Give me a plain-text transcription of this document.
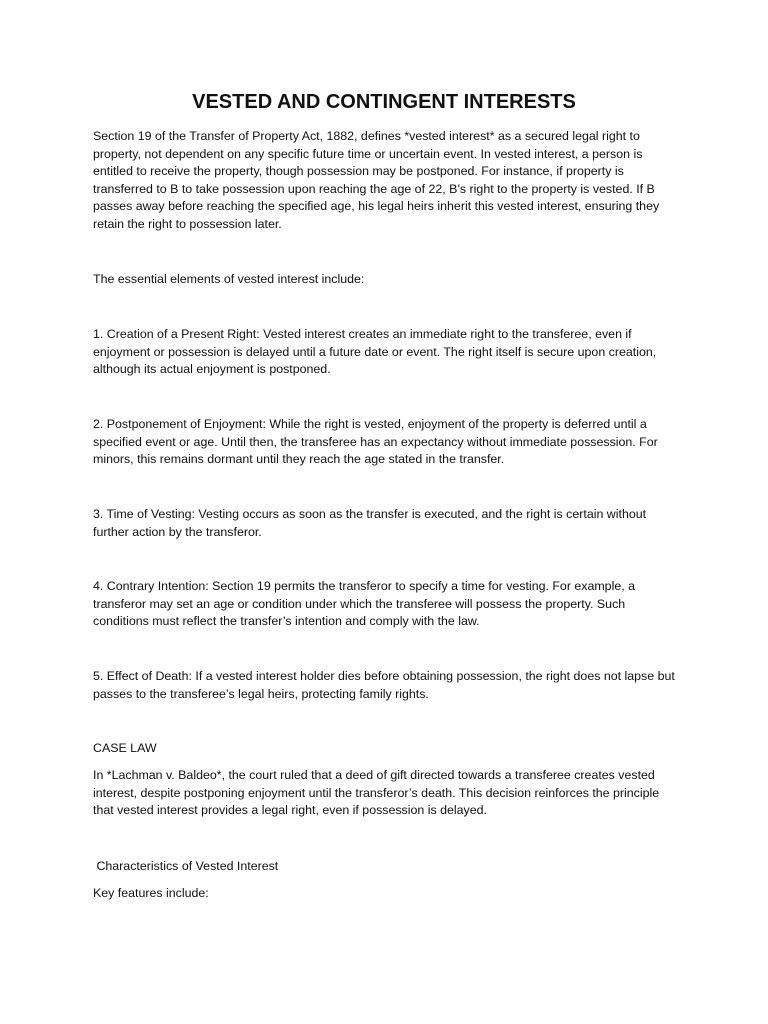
VESTED AND CONTINGENT INTERESTS

Section 19 of the Transfer of Property Act, 1882, defines *vested interest* as a secured legal right to property, not dependent on any specific future time or uncertain event. In vested interest, a person is entitled to receive the property, though possession may be postponed. For instance, if property is transferred to B to take possession upon reaching the age of 22, B’s right to the property is vested. If B passes away before reaching the specified age, his legal heirs inherit this vested interest, ensuring they retain the right to possession later.

The essential elements of vested interest include:

1. Creation of a Present Right: Vested interest creates an immediate right to the transferee, even if enjoyment or possession is delayed until a future date or event. The right itself is secure upon creation, although its actual enjoyment is postponed.

2. Postponement of Enjoyment: While the right is vested, enjoyment of the property is deferred until a specified event or age. Until then, the transferee has an expectancy without immediate possession. For minors, this remains dormant until they reach the age stated in the transfer.

3. Time of Vesting: Vesting occurs as soon as the transfer is executed, and the right is certain without further action by the transferor.

4. Contrary Intention: Section 19 permits the transferor to specify a time for vesting. For example, a transferor may set an age or condition under which the transferee will possess the property. Such conditions must reflect the transfer’s intention and comply with the law.

5. Effect of Death: If a vested interest holder dies before obtaining possession, the right does not lapse but passes to the transferee’s legal heirs, protecting family rights.

CASE LAW

In *Lachman v. Baldeo*, the court ruled that a deed of gift directed towards a transferee creates vested interest, despite postponing enjoyment until the transferor’s death. This decision reinforces the principle that vested interest provides a legal right, even if possession is delayed.

Characteristics of Vested Interest

Key features include:
